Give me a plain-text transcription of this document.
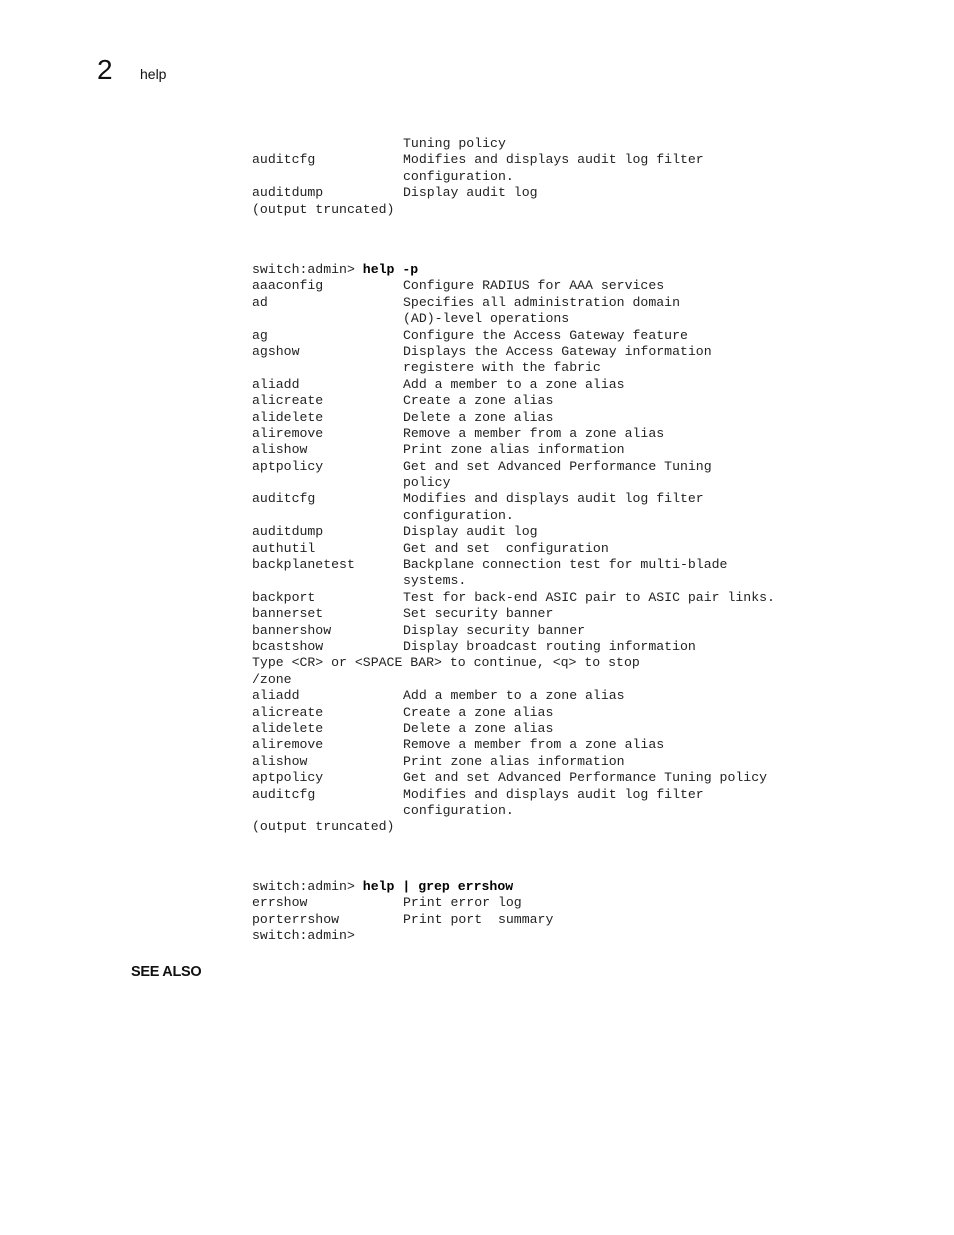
2 help
Tuning policy
auditcfg	Modifies and displays audit log filter
configuration.
auditdump	Display audit log
(output truncated)
switch:admin> help -p
aaaconfig	Configure RADIUS for AAA services
ad	Specifies all administration domain
(AD)-level operations
ag	Configure the Access Gateway feature
agshow	Displays the Access Gateway information
registere with the fabric
aliadd	Add a member to a zone alias
alicreate	Create a zone alias
alidelete	Delete a zone alias
aliremove	Remove a member from a zone alias
alishow	Print zone alias information
aptpolicy	Get and set Advanced Performance Tuning
policy
auditcfg	Modifies and displays audit log filter
configuration.
auditdump	Display audit log
authutil	Get and set  configuration
backplanetest	Backplane connection test for multi-blade
systems.
backport	Test for back-end ASIC pair to ASIC pair links.
bannerset	Set security banner
bannershow	Display security banner
bcastshow	Display broadcast routing information
Type <CR> or <SPACE BAR> to continue, <q> to stop
/zone
aliadd	Add a member to a zone alias
alicreate	Create a zone alias
alidelete	Delete a zone alias
aliremove	Remove a member from a zone alias
alishow	Print zone alias information
aptpolicy	Get and set Advanced Performance Tuning policy
auditcfg	Modifies and displays audit log filter
configuration.
(output truncated)
switch:admin> help | grep errshow
errshow	Print error log
porterrshow	Print port  summary
switch:admin>
SEE ALSO
